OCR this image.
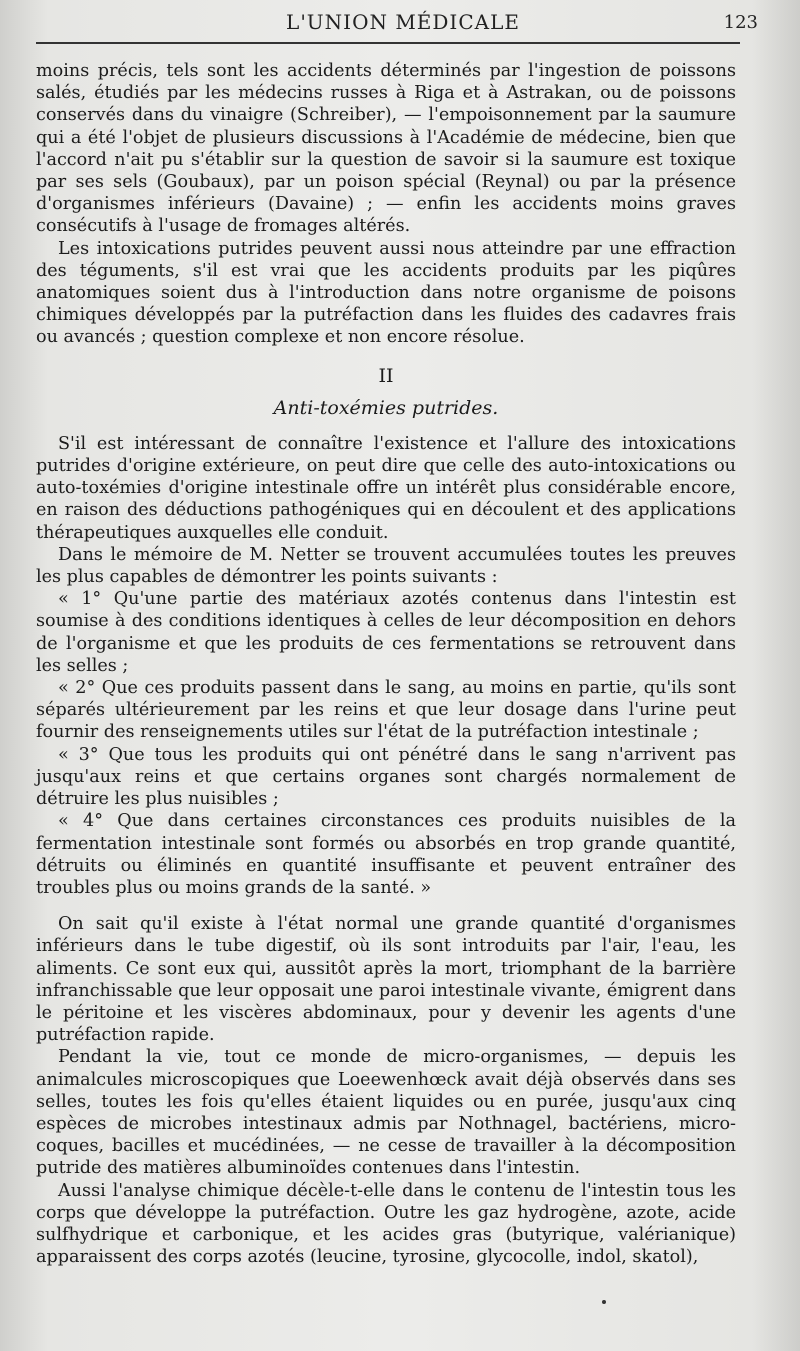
L'UNION MÉDICALE	123

moins précis, tels sont les accidents déterminés par l'ingestion de poissons salés, étudiés par les médecins russes à Riga et à Astrakan, ou de poissons conservés dans du vinaigre (Schreiber), — l'empoisonnement par la saumure qui a été l'objet de plusieurs discussions à l'Académie de médecine, bien que l'accord n'ait pu s'établir sur la question de savoir si la saumure est toxique par ses sels (Goubaux), par un poison spécial (Reynal) ou par la présence d'organismes inférieurs (Davaine) ; — enfin les accidents moins graves consécutifs à l'usage de fromages altérés.

Les intoxications putrides peuvent aussi nous atteindre par une effraction des téguments, s'il est vrai que les accidents produits par les piqûres anatomiques soient dus à l'introduction dans notre organisme de poisons chimiques développés par la putréfaction dans les fluides des cadavres frais ou avancés ; question complexe et non encore résolue.

II
Anti-toxémies putrides.

S'il est intéressant de connaître l'existence et l'allure des intoxications putrides d'origine extérieure, on peut dire que celle des auto-intoxications ou auto-toxémies d'origine intestinale offre un intérêt plus considérable encore, en raison des déductions pathogéniques qui en découlent et des applications thérapeutiques auxquelles elle conduit.

Dans le mémoire de M. Netter se trouvent accumulées toutes les preuves les plus capables de démontrer les points suivants :

« 1° Qu'une partie des matériaux azotés contenus dans l'intestin est soumise à des conditions identiques à celles de leur décomposition en dehors de l'organisme et que les produits de ces fermentations se retrouvent dans les selles ;

« 2° Que ces produits passent dans le sang, au moins en partie, qu'ils sont séparés ultérieurement par les reins et que leur dosage dans l'urine peut fournir des renseignements utiles sur l'état de la putréfaction intestinale ;

« 3° Que tous les produits qui ont pénétré dans le sang n'arrivent pas jusqu'aux reins et que certains organes sont chargés normalement de détruire les plus nuisibles ;

« 4° Que dans certaines circonstances ces produits nuisibles de la fermentation intestinale sont formés ou absorbés en trop grande quantité, détruits ou éliminés en quantité insuffisante et peuvent entraîner des troubles plus ou moins grands de la santé. »

On sait qu'il existe à l'état normal une grande quantité d'organismes inférieurs dans le tube digestif, où ils sont introduits par l'air, l'eau, les aliments. Ce sont eux qui, aussitôt après la mort, triomphant de la barrière infranchissable que leur opposait une paroi intestinale vivante, émigrent dans le péritoine et les viscères abdominaux, pour y devenir les agents d'une putréfaction rapide.

Pendant la vie, tout ce monde de micro-organismes, — depuis les animalcules microscopiques que Loeewenhœck avait déjà observés dans ses selles, toutes les fois qu'elles étaient liquides ou en purée, jusqu'aux cinq espèces de microbes intestinaux admis par Nothnagel, bactériens, micro-coques, bacilles et mucédinées, — ne cesse de travailler à la décomposition putride des matières albuminoïdes contenues dans l'intestin.

Aussi l'analyse chimique décèle-t-elle dans le contenu de l'intestin tous les corps que développe la putréfaction. Outre les gaz hydrogène, azote, acide sulfhydrique et carbonique, et les acides gras (butyrique, valérianique) apparaissent des corps azotés (leucine, tyrosine, glycocolle, indol, skatol),
